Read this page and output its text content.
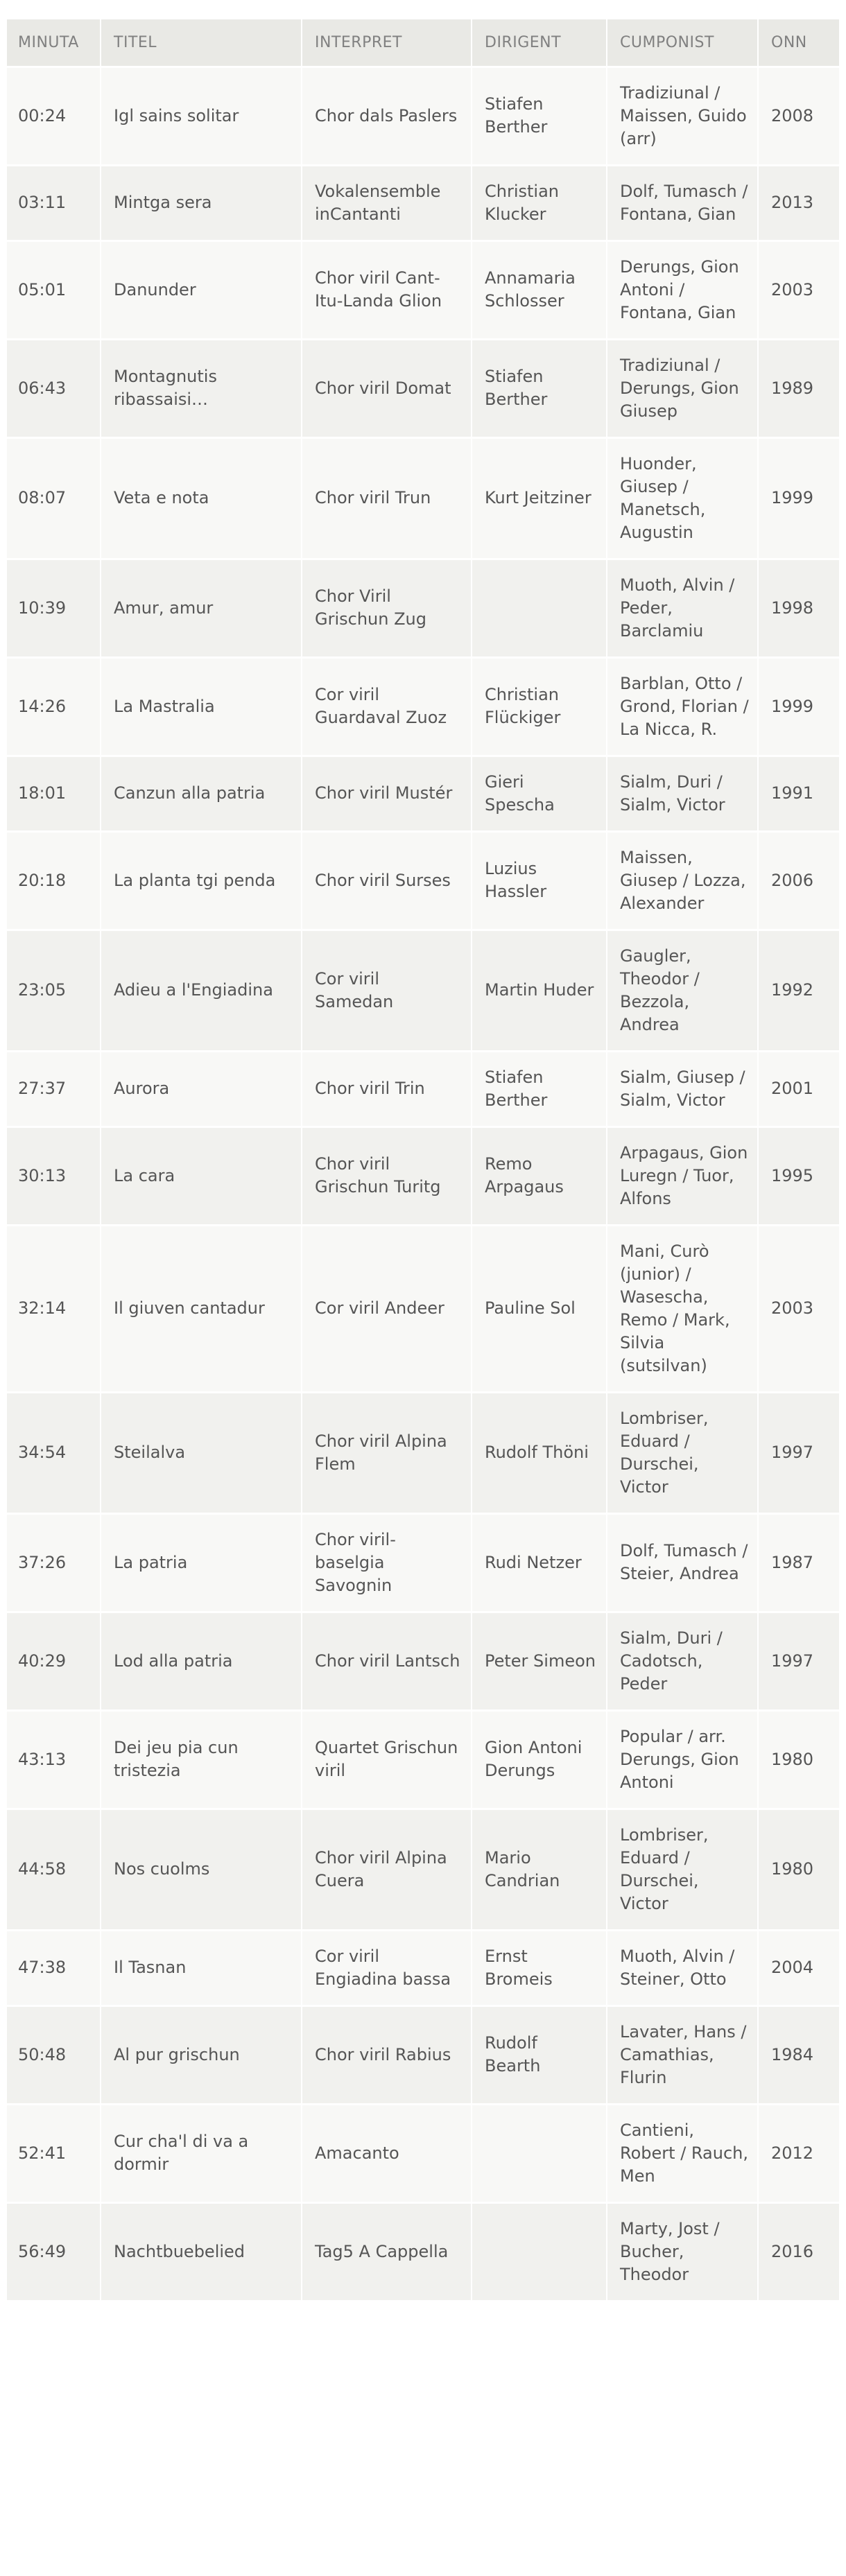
MINUTA	TITEL	INTERPRET	DIRIGENT	CUMPONIST	ONN
00:24	Igl sains solitar	Chor dals Paslers	Stiafen Berther	Tradiziunal / Maissen, Guido (arr)	2008
03:11	Mintga sera	Vokalensemble inCantanti	Christian Klucker	Dolf, Tumasch / Fontana, Gian	2013
05:01	Danunder	Chor viril Cant-Itu-Landa Glion	Annamaria Schlosser	Derungs, Gion Antoni / Fontana, Gian	2003
06:43	Montagnutis ribassaisi…	Chor viril Domat	Stiafen Berther	Tradiziunal / Derungs, Gion Giusep	1989
08:07	Veta e nota	Chor viril Trun	Kurt Jeitziner	Huonder, Giusep / Manetsch, Augustin	1999
10:39	Amur, amur	Chor Viril Grischun Zug		Muoth, Alvin / Peder, Barclamiu	1998
14:26	La Mastralia	Cor viril Guardaval Zuoz	Christian Flückiger	Barblan, Otto / Grond, Florian / La Nicca, R.	1999
18:01	Canzun alla patria	Chor viril Mustér	Gieri Spescha	Sialm, Duri / Sialm, Victor	1991
20:18	La planta tgi penda	Chor viril Surses	Luzius Hassler	Maissen, Giusep / Lozza, Alexander	2006
23:05	Adieu a l'Engiadina	Cor viril Samedan	Martin Huder	Gaugler, Theodor / Bezzola, Andrea	1992
27:37	Aurora	Chor viril Trin	Stiafen Berther	Sialm, Giusep / Sialm, Victor	2001
30:13	La cara	Chor viril Grischun Turitg	Remo Arpagaus	Arpagaus, Gion Luregn / Tuor, Alfons	1995
32:14	Il giuven cantadur	Cor viril Andeer	Pauline Sol	Mani, Curò (junior) / Wasescha, Remo / Mark, Silvia (sutsilvan)	2003
34:54	Steilalva	Chor viril Alpina Flem	Rudolf Thöni	Lombriser, Eduard / Durschei, Victor	1997
37:26	La patria	Chor viril-baselgia Savognin	Rudi Netzer	Dolf, Tumasch / Steier, Andrea	1987
40:29	Lod alla patria	Chor viril Lantsch	Peter Simeon	Sialm, Duri / Cadotsch, Peder	1997
43:13	Dei jeu pia cun tristezia	Quartet Grischun viril	Gion Antoni Derungs	Popular / arr. Derungs, Gion Antoni	1980
44:58	Nos cuolms	Chor viril Alpina Cuera	Mario Candrian	Lombriser, Eduard / Durschei, Victor	1980
47:38	Il Tasnan	Cor viril Engiadina bassa	Ernst Bromeis	Muoth, Alvin / Steiner, Otto	2004
50:48	Al pur grischun	Chor viril Rabius	Rudolf Bearth	Lavater, Hans / Camathias, Flurin	1984
52:41	Cur cha'l di va a dormir	Amacanto		Cantieni, Robert / Rauch, Men	2012
56:49	Nachtbuebelied	Tag5 A Cappella		Marty, Jost / Bucher, Theodor	2016
